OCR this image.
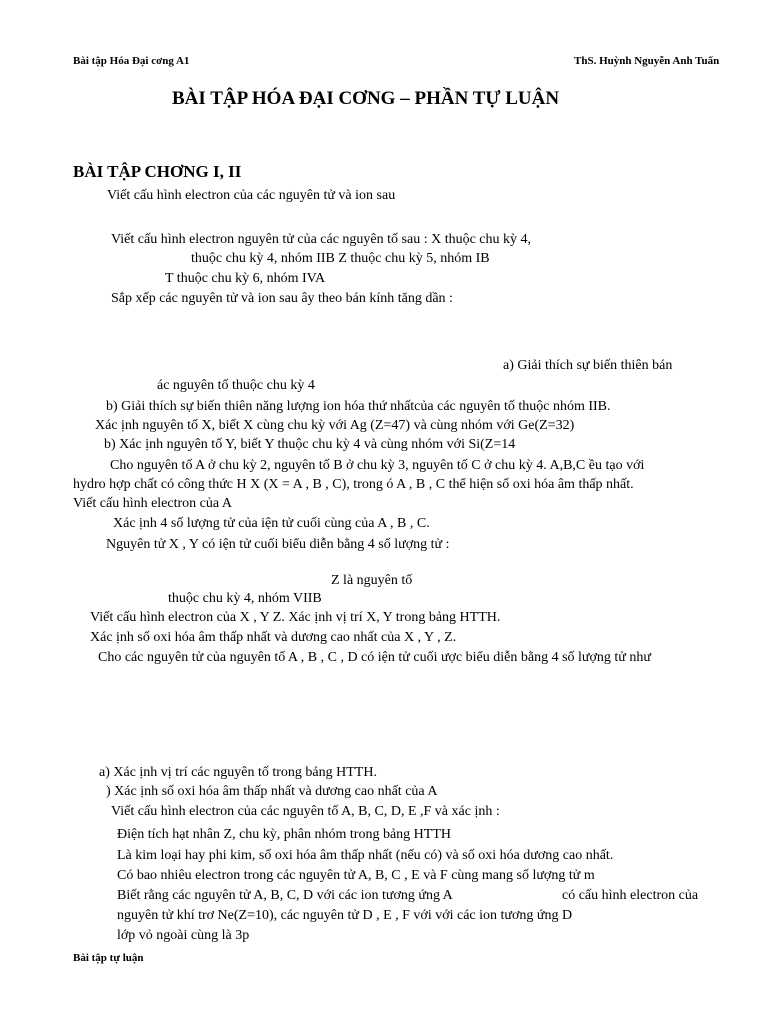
Bài tập Hóa Đại cơng A1	ThS. Huỳnh Nguyễn Anh Tuấn
BÀI TẬP HÓA ĐẠI CƠNG – PHẦN TỰ LUẬN
BÀI TẬP CHƠNG I, II
Viết cấu hình electron của các nguyên tử và ion sau
Viết cấu hình electron nguyên tử của các nguyên tố sau : X thuộc chu kỳ 4,
thuộc chu kỳ 4, nhóm IIB Z thuộc chu kỳ 5, nhóm IB
T thuộc chu kỳ 6, nhóm IVA
Sắp xếp các nguyên tử và ion sau ây theo bán kính tăng dần :
a) Giải thích sự biến thiên bán
ác nguyên tố thuộc chu kỳ 4
b) Giải thích sự biến thiên năng lượng ion hóa thứ nhấtcủa các nguyên tố thuộc nhóm IIB.
Xác ịnh nguyên tố X, biết X cùng chu kỳ với Ag (Z=47) và cùng nhóm với Ge(Z=32)
b) Xác ịnh nguyên tố Y, biết Y thuộc chu kỳ 4 và cùng nhóm với Si(Z=14
Cho nguyên tố A ở chu kỳ 2, nguyên tố B ở chu kỳ 3, nguyên tố C ở chu kỳ 4. A,B,C ều tạo với
hydro hợp chất có công thức H X (X = A , B , C), trong ó A , B , C thể hiện số oxi hóa âm thấp nhất.
Viết cấu hình electron của A
Xác ịnh 4 số lượng tử của iện tử cuối cùng của A , B , C.
Nguyên tử X , Y có iện tử cuối biểu diễn bằng 4 số lượng tử :
Z là nguyên tố
thuộc chu kỳ 4, nhóm VIIB
Viết cấu hình electron của X , Y Z. Xác ịnh vị trí X, Y trong bảng HTTH.
Xác ịnh số oxi hóa âm thấp nhất và dương cao nhất của X , Y , Z.
Cho các nguyên tử của nguyên tố A , B , C , D có iện tử cuối ược biểu diễn bằng 4 số lượng tử như
a) Xác ịnh vị trí các nguyên tố trong bảng HTTH.
) Xác ịnh số oxi hóa âm thấp nhất và dương cao nhất của A
Viết cấu hình electron của các nguyên tố A, B, C, D, E ,F và xác ịnh :
Điện tích hạt nhân Z, chu kỳ, phân nhóm trong bảng HTTH
Là kim loại hay phi kim, số oxi hóa âm thấp nhất (nếu có) và số oxi hóa dương cao nhất.
Có bao nhiêu electron trong các nguyên tử A, B, C , E và F cùng mang số lượng tử m
Biết rằng các nguyên tử A, B, C, D với các ion tương ứng A	có cấu hình electron của
nguyên tử khí trơ Ne(Z=10), các nguyên tử D , E , F với với các ion tương ứng D
lớp vỏ ngoài cùng là 3p
Bài tập tự luận
